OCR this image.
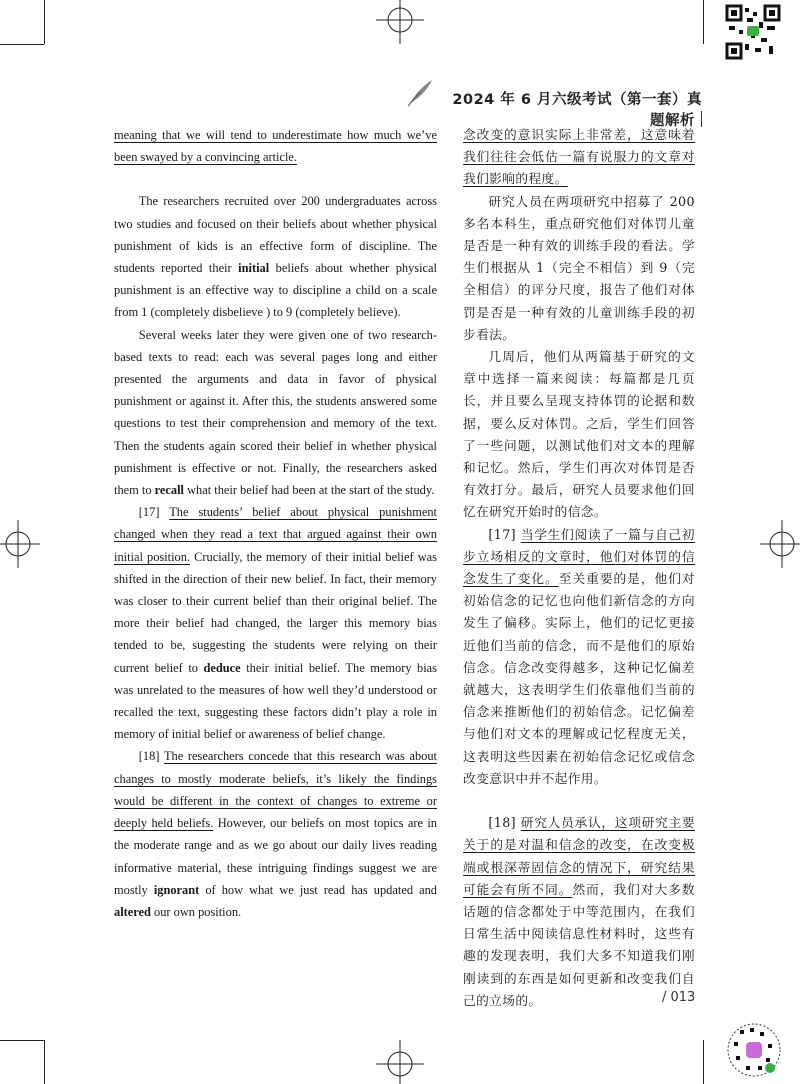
2024 年 6 月六级考试（第一套）真题解析

meaning that we will tend to underestimate how much we’ve been swayed by a convincing article.

The researchers recruited over 200 undergraduates across two studies and focused on their beliefs about whether physical punishment of kids is an effective form of discipline. The students reported their initial beliefs about whether physical punishment is an effective way to discipline a child on a scale from 1 (completely disbelieve ) to 9 (completely believe).

Several weeks later they were given one of two research-based texts to read: each was several pages long and either presented the arguments and data in favor of physical punishment or against it. After this, the students answered some questions to test their comprehension and memory of the text. Then the students again scored their belief in whether physical punishment is effective or not. Finally, the researchers asked them to recall what their belief had been at the start of the study.

[17] The students’ belief about physical punishment changed when they read a text that argued against their own initial position. Crucially, the memory of their initial belief was shifted in the direction of their new belief. In fact, their memory was closer to their current belief than their original belief. The more their belief had changed, the larger this memory bias tended to be, suggesting the students were relying on their current belief to deduce their initial belief. The memory bias was unrelated to the measures of how well they’d understood or recalled the text, suggesting these factors didn’t play a role in memory of initial belief or awareness of belief change.

[18] The researchers concede that this research was about changes to mostly moderate beliefs, it’s likely the findings would be different in the context of changes to extreme or deeply held beliefs. However, our beliefs on most topics are in the moderate range and as we go about our daily lives reading informative material, these intriguing findings suggest we are mostly ignorant of how what we just read has updated and altered our own position.

念改变的意识实际上非常差，这意味着我们往往会低估一篇有说服力的文章对我们影响的程度。

研究人员在两项研究中招募了 200 多名本科生，重点研究他们对体罚儿童是否是一种有效的训练手段的看法。学生们根据从 1（完全不相信）到 9（完全相信）的评分尺度，报告了他们对体罚是否是一种有效的儿童训练手段的初步看法。

几周后，他们从两篇基于研究的文章中选择一篇来阅读：每篇都是几页长，并且要么呈现支持体罚的论据和数据，要么反对体罚。之后，学生们回答了一些问题，以测试他们对文本的理解和记忆。然后，学生们再次对体罚是否有效打分。最后，研究人员要求他们回忆在研究开始时的信念。

[17] 当学生们阅读了一篇与自己初步立场相反的文章时，他们对体罚的信念发生了变化。至关重要的是，他们对初始信念的记忆也向他们新信念的方向发生了偏移。实际上，他们的记忆更接近他们当前的信念，而不是他们的原始信念。信念改变得越多，这种记忆偏差就越大，这表明学生们依靠他们当前的信念来推断他们的初始信念。记忆偏差与他们对文本的理解或记忆程度无关，这表明这些因素在初始信念记忆或信念改变意识中并不起作用。

[18] 研究人员承认，这项研究主要关于的是对温和信念的改变，在改变极端或根深蒂固信念的情况下，研究结果可能会有所不同。然而，我们对大多数话题的信念都处于中等范围内，在我们日常生活中阅读信息性材料时，这些有趣的发现表明，我们大多不知道我们刚刚读到的东西是如何更新和改变我们自己的立场的。	/ 013
